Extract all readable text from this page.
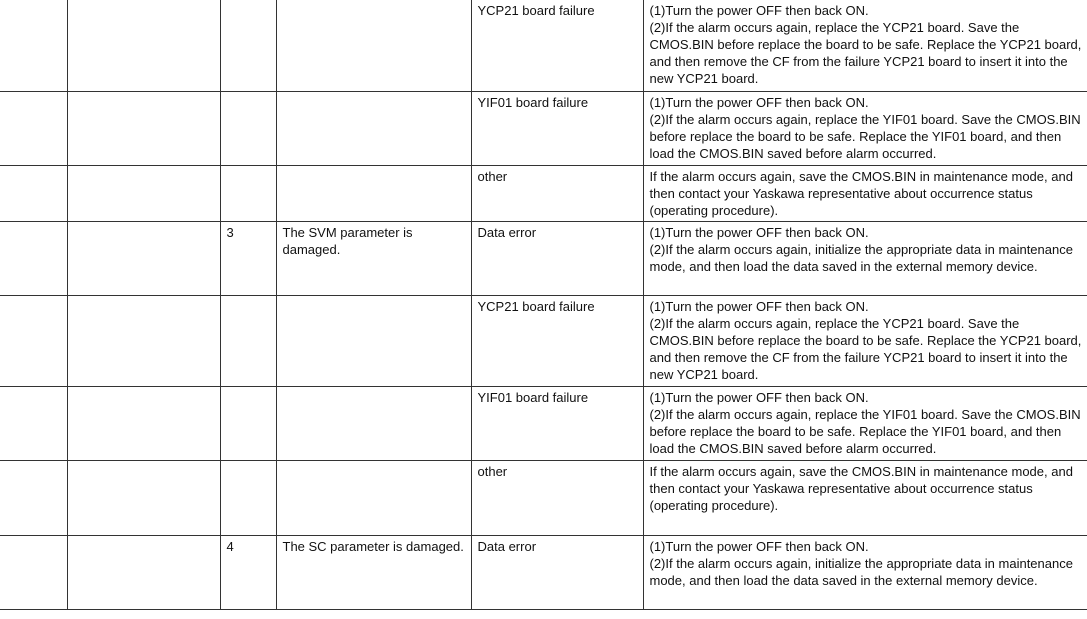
				YCP21 board failure	(1)Turn the power OFF then back ON.
(2)If the alarm occurs again, replace the YCP21 board. Save the CMOS.BIN before replace the board to be safe. Replace the YCP21 board, and then remove the CF from the failure YCP21 board to insert it into the new YCP21 board.
				YIF01 board failure	(1)Turn the power OFF then back ON.
(2)If the alarm occurs again, replace the YIF01 board. Save the CMOS.BIN before replace the board to be safe. Replace the YIF01 board, and then load the CMOS.BIN saved before alarm occurred.
				other	If the alarm occurs again, save the CMOS.BIN in maintenance mode, and then contact your Yaskawa representative about occurrence status (operating procedure).
		3	The SVM parameter is damaged.	Data error	(1)Turn the power OFF then back ON.
(2)If the alarm occurs again, initialize the appropriate data in maintenance mode, and then load the data saved in the external memory device.
				YCP21 board failure	(1)Turn the power OFF then back ON.
(2)If the alarm occurs again, replace the YCP21 board. Save the CMOS.BIN before replace the board to be safe. Replace the YCP21 board, and then remove the CF from the failure YCP21 board to insert it into the new YCP21 board.
				YIF01 board failure	(1)Turn the power OFF then back ON.
(2)If the alarm occurs again, replace the YIF01 board. Save the CMOS.BIN before replace the board to be safe. Replace the YIF01 board, and then load the CMOS.BIN saved before alarm occurred.
				other	If the alarm occurs again, save the CMOS.BIN in maintenance mode, and then contact your Yaskawa representative about occurrence status (operating procedure).
		4	The SC parameter is damaged.	Data error	(1)Turn the power OFF then back ON.
(2)If the alarm occurs again, initialize the appropriate data in maintenance mode, and then load the data saved in the external memory device.
